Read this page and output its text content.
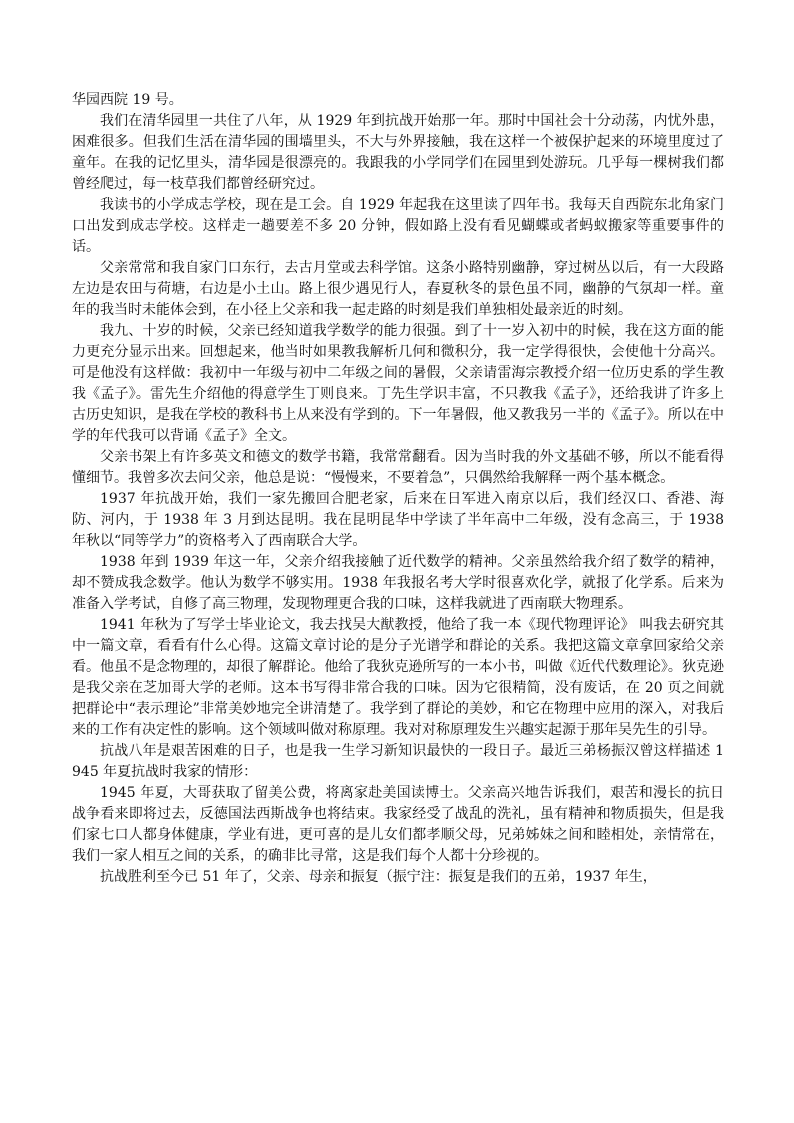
华园西院 19 号。

我们在清华园里一共住了八年，从 1929 年到抗战开始那一年。那时中国社会十分动荡，内忧外患，困难很多。但我们生活在清华园的围墙里头，不大与外界接触，我在这样一个被保护起来的环境里度过了童年。在我的记忆里头，清华园是很漂亮的。我跟我的小学同学们在园里到处游玩。几乎每一棵树我们都曾经爬过，每一枝草我们都曾经研究过。

我读书的小学成志学校，现在是工会。自 1929 年起我在这里读了四年书。我每天自西院东北角家门口出发到成志学校。这样走一趟要差不多 20 分钟，假如路上没有看见蝴蝶或者蚂蚁搬家等重要事件的话。

父亲常常和我自家门口东行，去古月堂或去科学馆。这条小路特别幽静，穿过树丛以后，有一大段路左边是农田与荷塘，右边是小土山。路上很少遇见行人，春夏秋冬的景色虽不同，幽静的气氛却一样。童年的我当时未能体会到，在小径上父亲和我一起走路的时刻是我们单独相处最亲近的时刻。

我九、十岁的时候，父亲已经知道我学数学的能力很强。到了十一岁入初中的时候，我在这方面的能力更充分显示出来。回想起来，他当时如果教我解析几何和微积分，我一定学得很快，会使他十分高兴。可是他没有这样做：我初中一年级与初中二年级之间的暑假，父亲请雷海宗教授介绍一位历史系的学生教我《孟子》。雷先生介绍他的得意学生丁则良来。丁先生学识丰富，不只教我《孟子》，还给我讲了许多上古历史知识，是我在学校的教科书上从来没有学到的。下一年暑假，他又教我另一半的《孟子》。所以在中学的年代我可以背诵《孟子》全文。

父亲书架上有许多英文和德文的数学书籍，我常常翻看。因为当时我的外文基础不够，所以不能看得懂细节。我曾多次去问父亲，他总是说：“慢慢来，不要着急”，只偶然给我解释一两个基本概念。

1937 年抗战开始，我们一家先搬回合肥老家，后来在日军进入南京以后，我们经汉口、香港、海防、河内，于 1938 年 3 月到达昆明。我在昆明昆华中学读了半年高中二年级，没有念高三，于 1938 年秋以“同等学力”的资格考入了西南联合大学。

1938 年到 1939 年这一年，父亲介绍我接触了近代数学的精神。父亲虽然给我介绍了数学的精神，却不赞成我念数学。他认为数学不够实用。1938 年我报名考大学时很喜欢化学，就报了化学系。后来为准备入学考试，自修了高三物理，发现物理更合我的口味，这样我就进了西南联大物理系。

1941 年秋为了写学士毕业论文，我去找吴大猷教授，他给了我一本《现代物理评论》 叫我去研究其中一篇文章，看看有什么心得。这篇文章讨论的是分子光谱学和群论的关系。我把这篇文章拿回家给父亲看。他虽不是念物理的，却很了解群论。他给了我狄克逊所写的一本小书，叫做《近代代数理论》。狄克逊是我父亲在芝加哥大学的老师。这本书写得非常合我的口味。因为它很精简，没有废话，在 20 页之间就把群论中“表示理论”非常美妙地完全讲清楚了。我学到了群论的美妙，和它在物理中应用的深入，对我后来的工作有决定性的影响。这个领域叫做对称原理。我对对称原理发生兴趣实起源于那年吴先生的引导。

抗战八年是艰苦困难的日子，也是我一生学习新知识最快的一段日子。最近三弟杨振汉曾这样描述 1945 年夏抗战时我家的情形：

1945 年夏，大哥获取了留美公费，将离家赴美国读博士。父亲高兴地告诉我们，艰苦和漫长的抗日战争看来即将过去，反德国法西斯战争也将结束。我家经受了战乱的洗礼，虽有精神和物质损失，但是我们家七口人都身体健康，学业有进，更可喜的是儿女们都孝顺父母，兄弟姊妹之间和睦相处，亲情常在，我们一家人相互之间的关系，的确非比寻常，这是我们每个人都十分珍视的。

抗战胜利至今已 51 年了，父亲、母亲和振复（振宁注：振复是我们的五弟，1937 年生，
